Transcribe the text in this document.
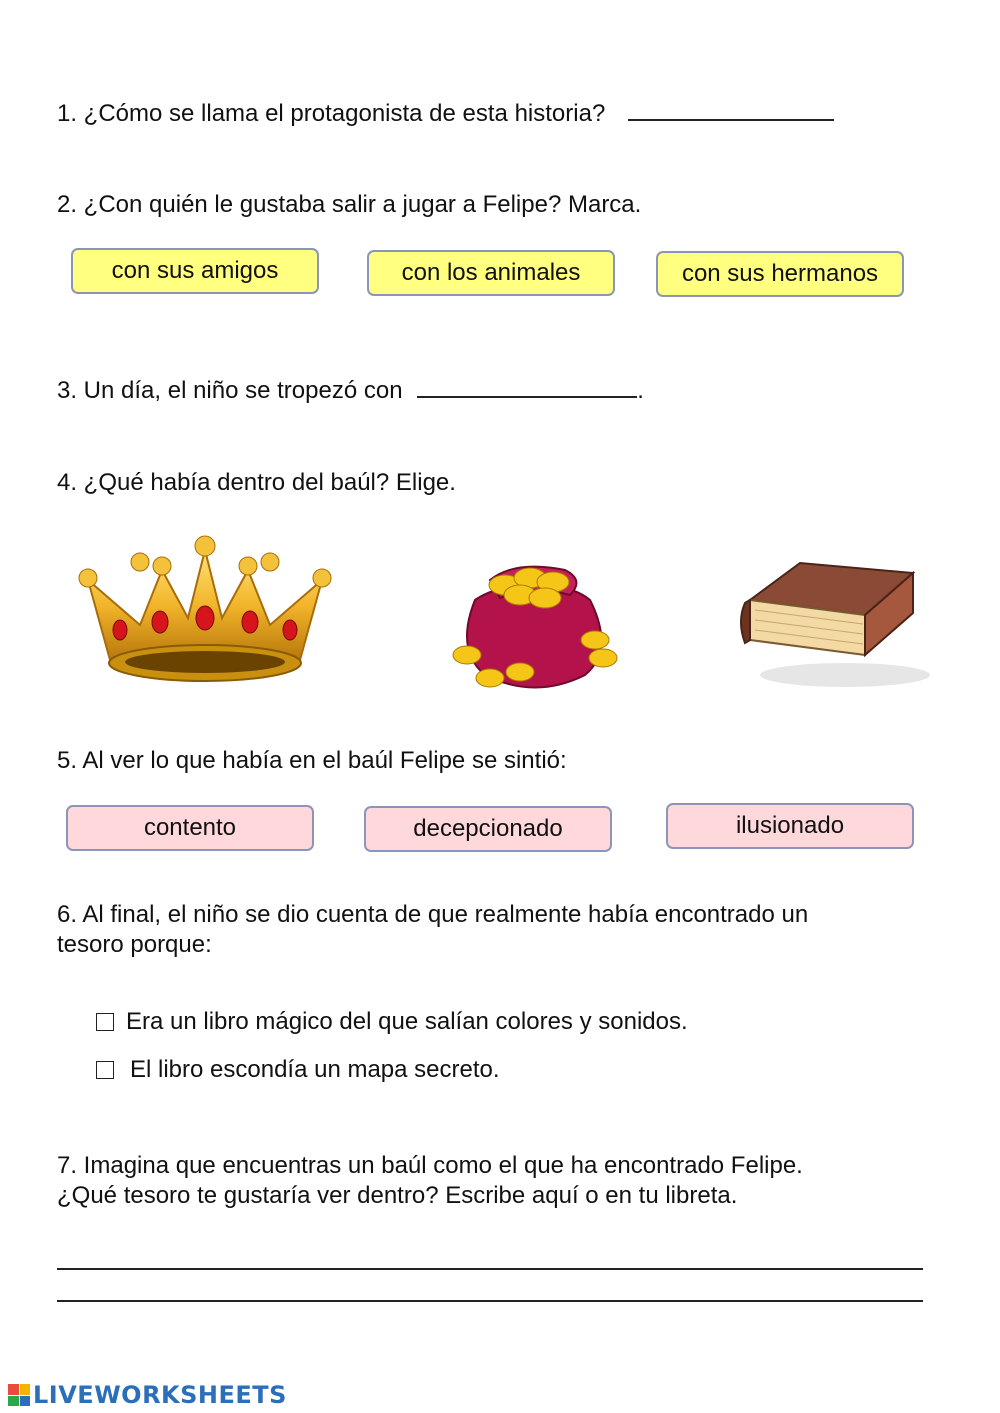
1. ¿Cómo se llama el protagonista de esta historia?
2. ¿Con quién le gustaba salir a jugar a Felipe? Marca.
con sus amigos	con los animales	con sus hermanos
3. Un día, el niño se tropezó con	.
4. ¿Qué había dentro del baúl? Elige.
5. Al ver lo que había en el baúl Felipe se sintió:
contento	decepcionado	ilusionado
6. Al final, el niño se dio cuenta de que realmente había encontrado un
tesoro porque:
Era un libro mágico del que salían colores y sonidos.
El libro escondía un mapa secreto.
7. Imagina que encuentras un baúl como el que ha encontrado Felipe.
¿Qué tesoro te gustaría ver dentro? Escribe aquí o en tu libreta.
LIVEWORKSHEETS
